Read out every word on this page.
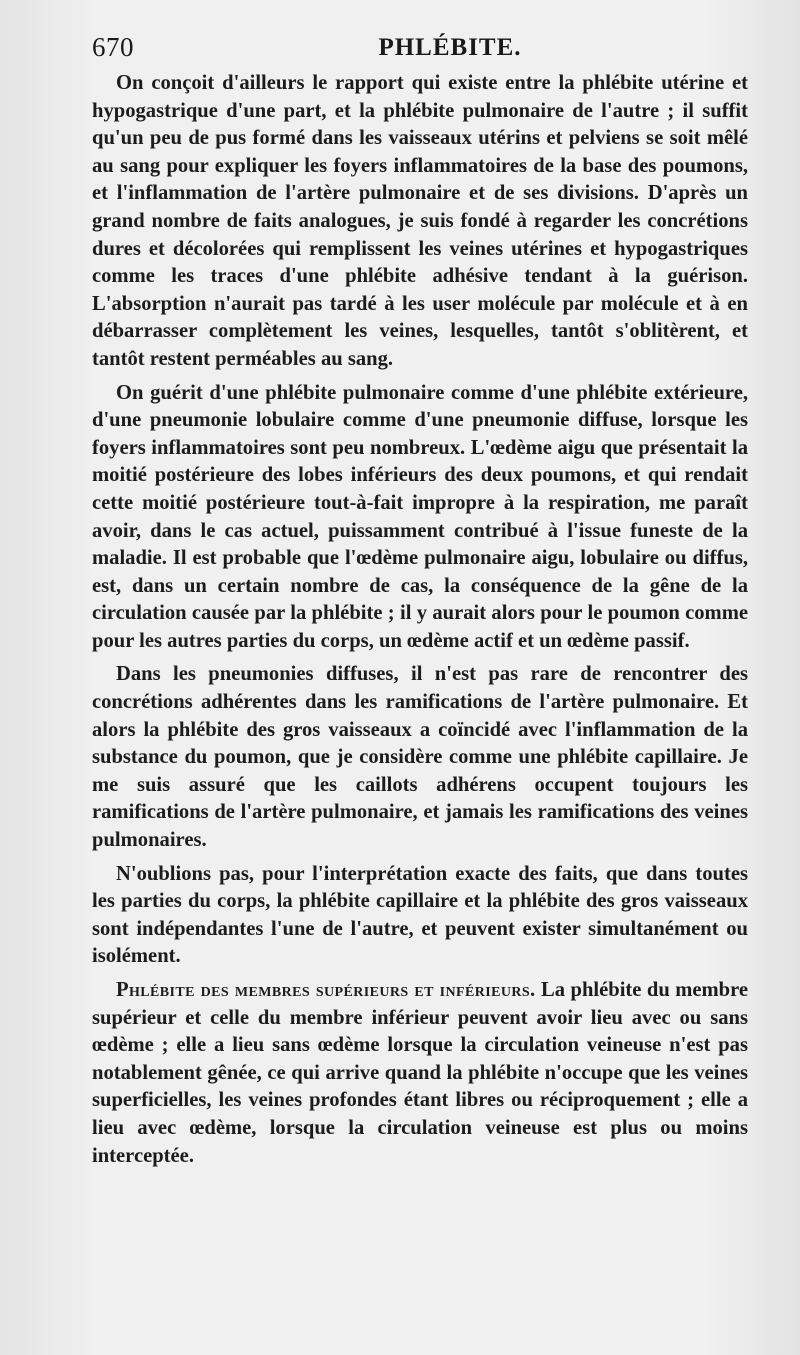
670	PHLÉBITE.

On conçoit d'ailleurs le rapport qui existe entre la phlébite utérine et hypogastrique d'une part, et la phlébite pulmonaire de l'autre ; il suffit qu'un peu de pus formé dans les vaisseaux utérins et pelviens se soit mêlé au sang pour expliquer les foyers inflammatoires de la base des poumons, et l'inflammation de l'artère pulmonaire et de ses divisions. D'après un grand nombre de faits analogues, je suis fondé à regarder les concrétions dures et décolorées qui remplissent les veines utérines et hypogastriques comme les traces d'une phlébite adhésive tendant à la guérison. L'absorption n'aurait pas tardé à les user molécule par molécule et à en débarrasser complètement les veines, lesquelles, tantôt s'oblitèrent, et tantôt restent perméables au sang.

On guérit d'une phlébite pulmonaire comme d'une phlébite extérieure, d'une pneumonie lobulaire comme d'une pneumonie diffuse, lorsque les foyers inflammatoires sont peu nombreux. L'œdème aigu que présentait la moitié postérieure des lobes inférieurs des deux poumons, et qui rendait cette moitié postérieure tout-à-fait impropre à la respiration, me paraît avoir, dans le cas actuel, puissamment contribué à l'issue funeste de la maladie. Il est probable que l'œdème pulmonaire aigu, lobulaire ou diffus, est, dans un certain nombre de cas, la conséquence de la gêne de la circulation causée par la phlébite ; il y aurait alors pour le poumon comme pour les autres parties du corps, un œdème actif et un œdème passif.

Dans les pneumonies diffuses, il n'est pas rare de rencontrer des concrétions adhérentes dans les ramifications de l'artère pulmonaire. Et alors la phlébite des gros vaisseaux a coïncidé avec l'inflammation de la substance du poumon, que je considère comme une phlébite capillaire. Je me suis assuré que les caillots adhérens occupent toujours les ramifications de l'artère pulmonaire, et jamais les ramifications des veines pulmonaires.

N'oublions pas, pour l'interprétation exacte des faits, que dans toutes les parties du corps, la phlébite capillaire et la phlébite des gros vaisseaux sont indépendantes l'une de l'autre, et peuvent exister simultanément ou isolément.

Phlébite des membres supérieurs et inférieurs. La phlébite du membre supérieur et celle du membre inférieur peuvent avoir lieu avec ou sans œdème ; elle a lieu sans œdème lorsque la circulation veineuse n'est pas notablement gênée, ce qui arrive quand la phlébite n'occupe que les veines superficielles, les veines profondes étant libres ou réciproquement ; elle a lieu avec œdème, lorsque la circulation veineuse est plus ou moins interceptée.
